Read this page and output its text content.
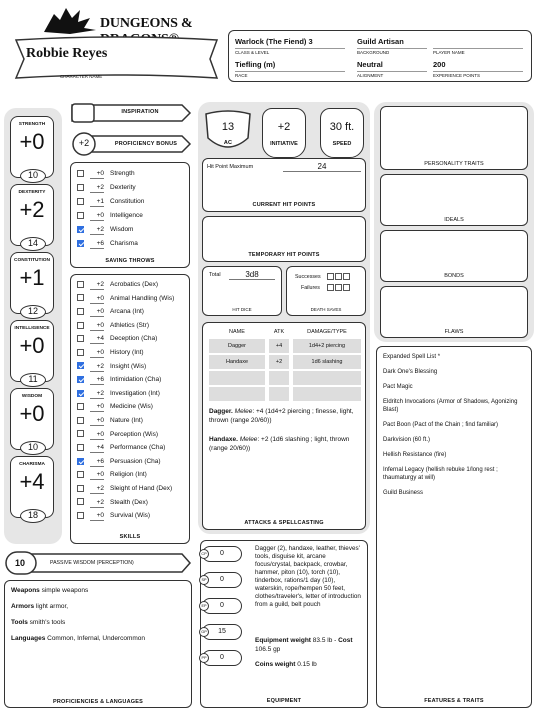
DUNGEONS &
Robbie Reyes
CHARACTER NAME
Warlock (The Fiend) 3
CLASS & LEVEL
Guild Artisan
BACKGROUND	PLAYER NAME
Tiefling (m)
RACE
Neutral
ALIGNMENT
200
EXPERIENCE POINTS
STRENGTH
+0
10
DEXTERITY
+2
14
CONSTITUTION
+1
12
INTELLIGENCE
+0
11
WISDOM
+0
10
CHARISMA
+4
18
INSPIRATION
+2	PROFICIENCY BONUS
+0 Strength
+2 Dexterity
+1 Constitution
+0 Intelligence
+2 Wisdom
+6 Charisma
SAVING THROWS
+2 Acrobatics (Dex)
+0 Animal Handling (Wis)
+0 Arcana (Int)
+0 Athletics (Str)
+4 Deception (Cha)
+0 History (Int)
+2 Insight (Wis)
+6 Intimidation (Cha)
+2 Investigation (Int)
+0 Medicine (Wis)
+0 Nature (Int)
+0 Perception (Wis)
+4 Performance (Cha)
+6 Persuasion (Cha)
+0 Religion (Int)
+2 Sleight of Hand (Dex)
+2 Stealth (Dex)
+0 Survival (Wis)
SKILLS
10	PASSIVE WISDOM (PERCEPTION)
Weapons simple weapons
Armors light armor,
Tools smith's tools
Languages Common, Infernal, Undercommon
PROFICIENCIES & LANGUAGES
13
AC
+2
INITIATIVE
30 ft.
SPEED
Hit Point Maximum	24
CURRENT HIT POINTS
TEMPORARY HIT POINTS
Total	3d8
HIT DICE
Successes
Failures
DEATH SAVES
NAME	ATK	DAMAGE/TYPE
Dagger	+4	1d4+2 piercing
Handaxe	+2	1d6 slashing
Dagger. Melee: +4 (1d4+2 piercing ; finesse, light, thrown (range 20/60))
Handaxe. Melee: +2 (1d6 slashing ; light, thrown (range 20/60))
ATTACKS & SPELLCASTING
Dagger (2), handaxe, leather, thieves' tools, disguise kit, arcane focus/crystal, backpack, crowbar, hammer, piton (10), torch (10), tinderbox, rations/1 day (10), waterskin, rope/hempen 50 feet, clothes/traveler's, letter of introduction from a guild, belt pouch
Equipment weight 83.5 lb - Cost 106.5 gp
Coins weight 0.15 lb
EQUIPMENT
CP	0
SP	0
EP	0
GP	15
PP	0
PERSONALITY TRAITS
IDEALS
BONDS
FLAWS

Expanded Spell List *

Dark One's Blessing

Pact Magic

Eldritch Invocations (Armor of Shadows, Agonizing Blast)

Pact Boon (Pact of the Chain ; find familiar)

Darkvision (60 ft.)

Hellish Resistance (fire)

Infernal Legacy (hellish rebuke 1/long rest ; thaumaturgy at will)

Guild Business

FEATURES & TRAITS
